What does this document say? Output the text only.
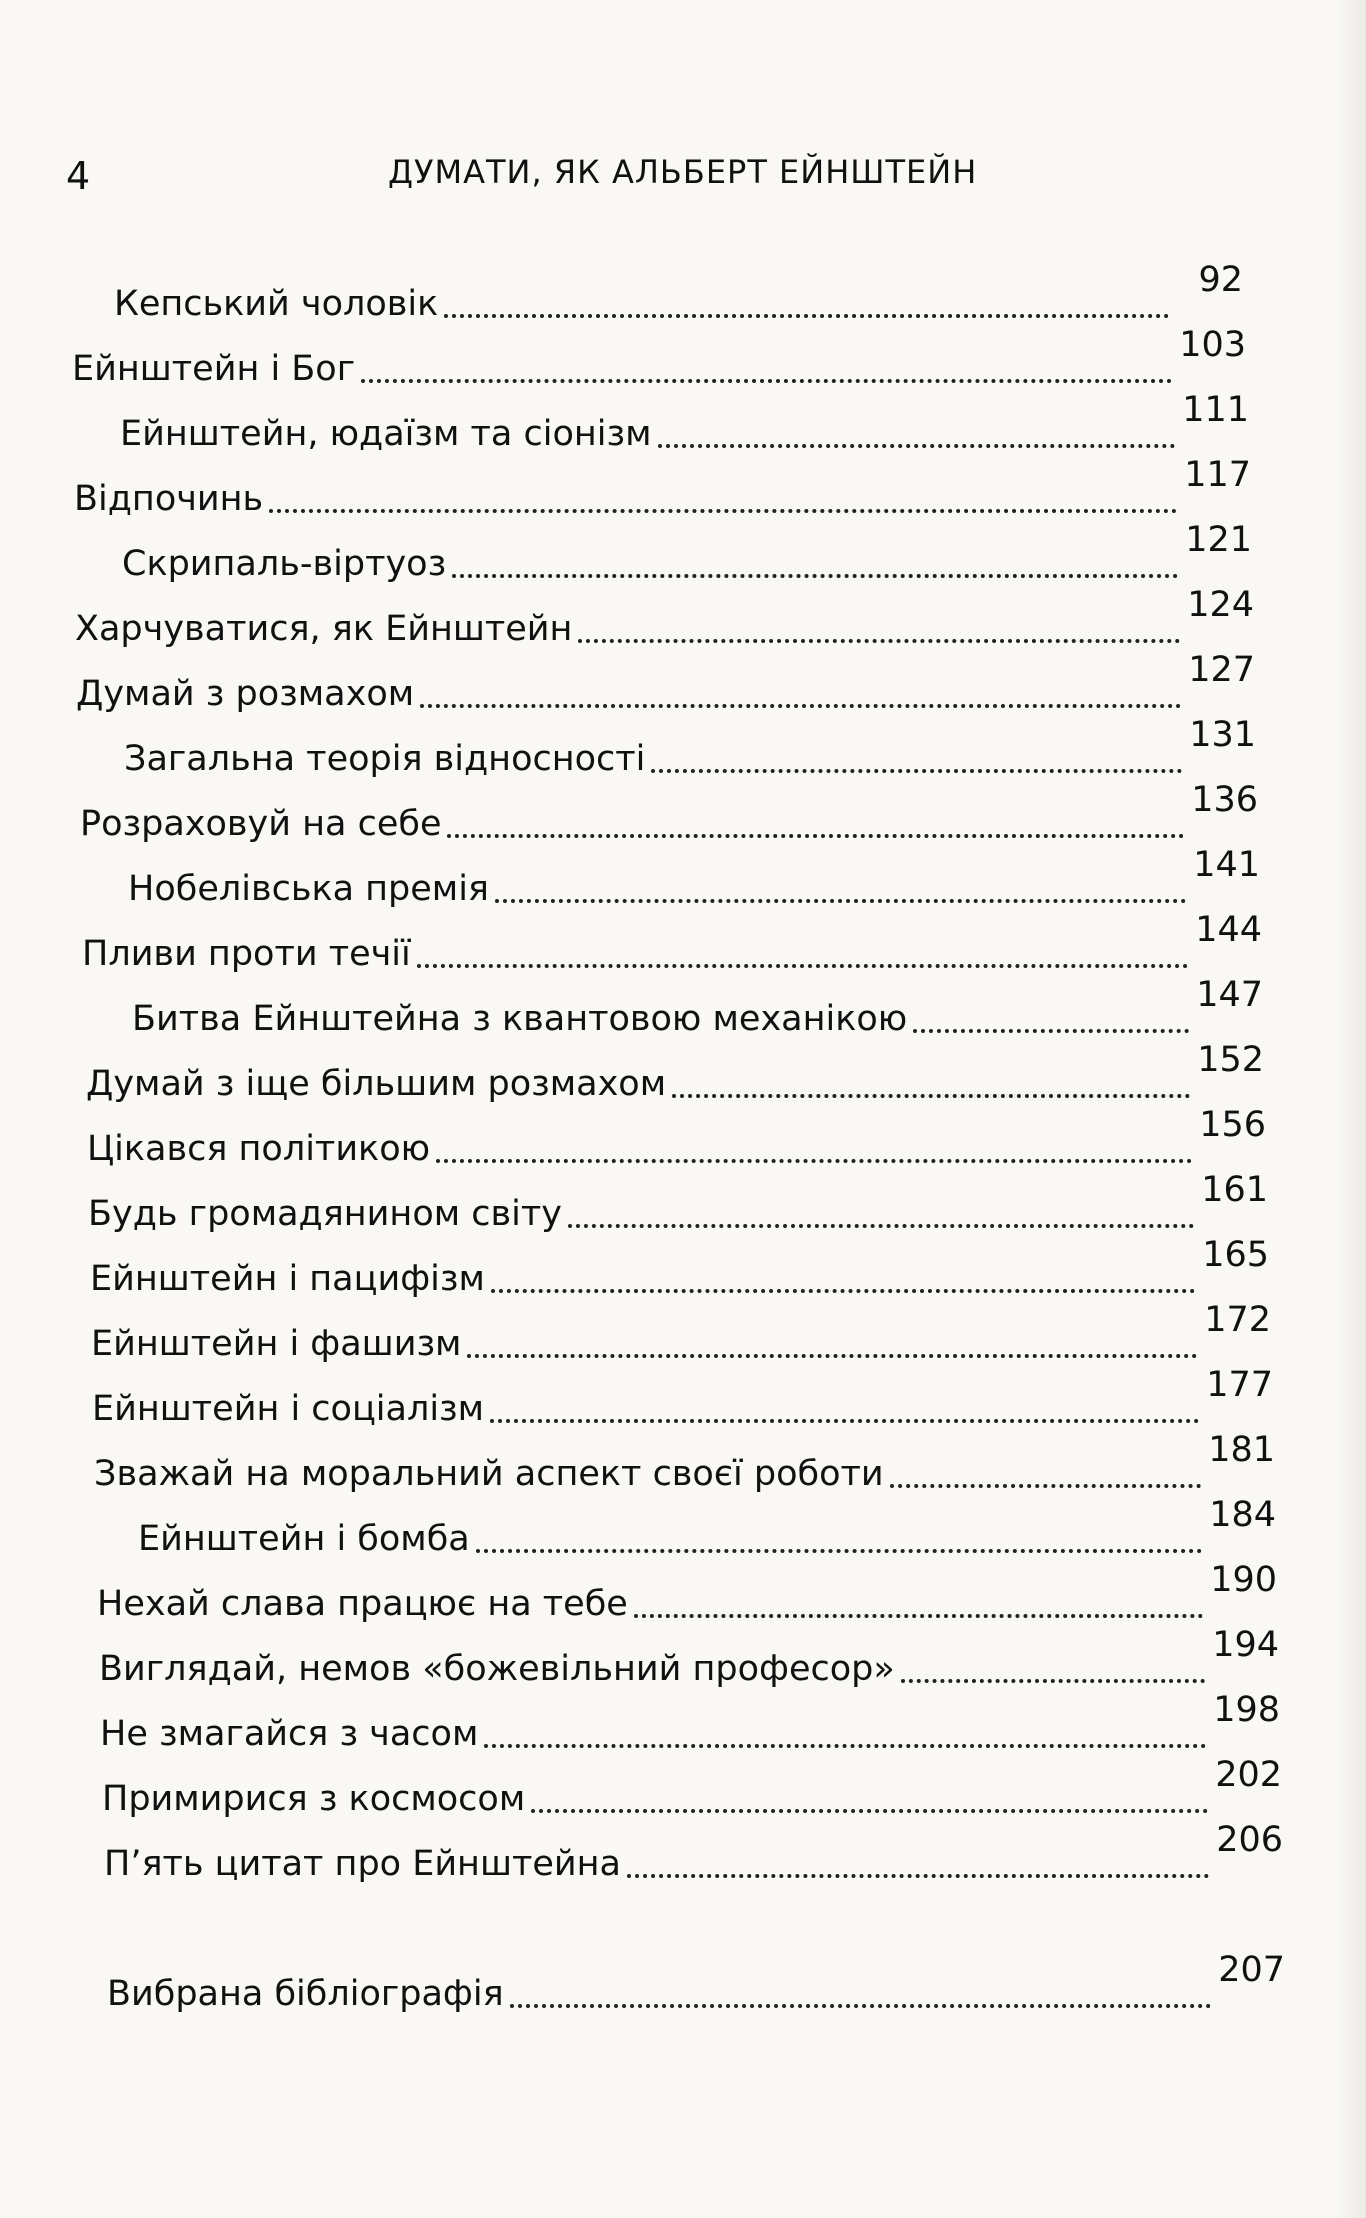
4	ДУМАТИ, ЯК АЛЬБЕРТ ЕЙНШТЕЙН
Кепський чоловік
92
Ейнштейн і Бог
103
Ейнштейн, юдаїзм та сіонізм
111
Відпочинь
117
Скрипаль-віртуоз
121
Харчуватися, як Ейнштейн
124
Думай з розмахом
127
Загальна теорія відносності
131
Розраховуй на себе
136
Нобелівська премія
141
Пливи проти течії
144
Битва Ейнштейна з квантовою механікою
147
Думай з іще більшим розмахом
152
Цікався політикою
156
Будь громадянином світу
161
Ейнштейн і пацифізм
165
Ейнштейн і фашизм
172
Ейнштейн і соціалізм
177
Зважай на моральний аспект своєї роботи
181
Ейнштейн і бомба
184
Нехай слава працює на тебе
190
Виглядай, немов «божевільний професор»
194
Не змагайся з часом
198
Примирися з космосом
202
П’ять цитат про Ейнштейна
206
Вибрана бібліографія
207
